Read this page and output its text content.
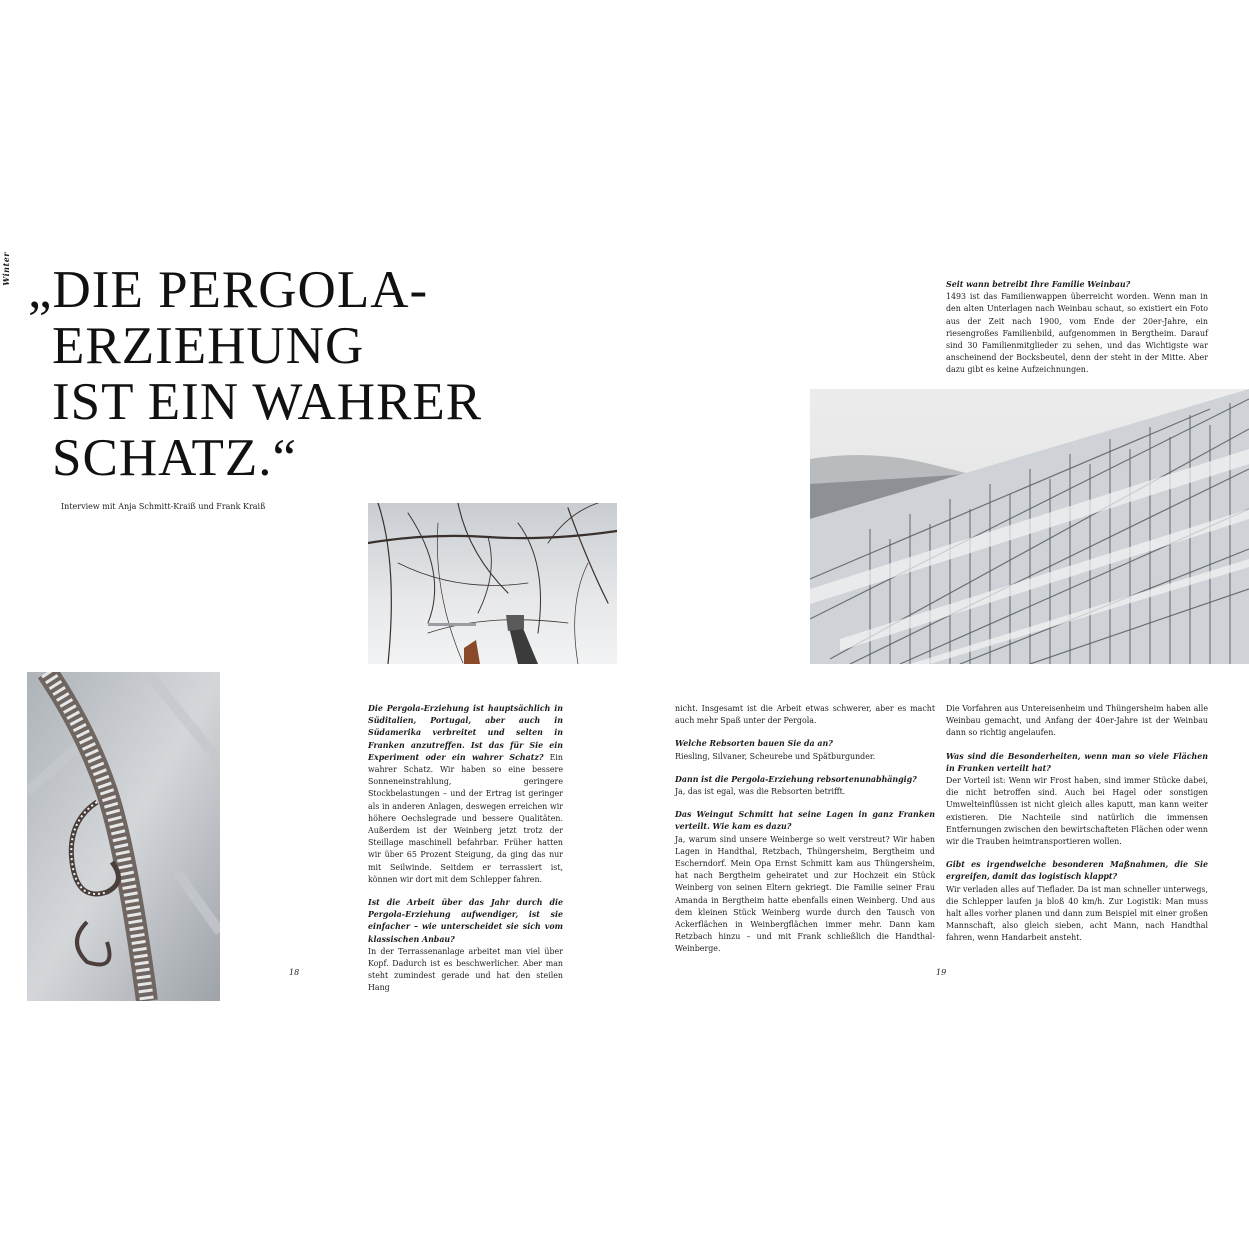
Winter „DIE PERGOLA-
ERZIEHUNG
IST EIN WAHRER
SCHATZ.“
Interview mit Anja Schmitt-Kraiß und Frank Kraiß
Seit wann betreibt Ihre Familie Weinbau?
1493 ist das Familienwappen überreicht worden. Wenn man in den alten Unterlagen nach Weinbau schaut, so existiert ein Foto aus der Zeit nach 1900, vom Ende der 20er-Jahre, ein riesengroßes Familienbild, aufgenommen in Bergtheim. Darauf sind 30 Familienmitglieder zu sehen, und das Wichtigste war anscheinend der Bocksbeutel, denn der steht in der Mitte. Aber dazu gibt es keine Aufzeichnungen.
Die Pergola-Erziehung ist hauptsächlich in Süditalien, Portugal, aber auch in Südamerika verbreitet und selten in Franken anzutreffen. Ist das für Sie ein Experiment oder ein wahrer Schatz? Ein wahrer Schatz. Wir haben so eine bessere Sonneneinstrahlung, geringere Stockbelastungen – und der Ertrag ist geringer als in anderen Anlagen, deswegen erreichen wir höhere Oechslegrade und bessere Qualitäten. Außerdem ist der Weinberg jetzt trotz der Steillage maschinell befahrbar. Früher hatten wir über 65 Prozent Steigung, da ging das nur mit Seilwinde. Seitdem er terrassiert ist, können wir dort mit dem Schlepper fahren.

Ist die Arbeit über das Jahr durch die Pergola-Erziehung aufwendiger, ist sie einfacher – wie unterscheidet sie sich vom klassischen Anbau?
In der Terrassenanlage arbeitet man viel über Kopf. Dadurch ist es beschwerlicher. Aber man steht zumindest gerade und hat den steilen Hang

nicht. Insgesamt ist die Arbeit etwas schwerer, aber es macht auch mehr Spaß unter der Pergola.

Welche Rebsorten bauen Sie da an?
Riesling, Silvaner, Scheurebe und Spätburgunder.

Dann ist die Pergola-Erziehung rebsortenunabhängig?
Ja, das ist egal, was die Rebsorten betrifft.

Das Weingut Schmitt hat seine Lagen in ganz Franken verteilt. Wie kam es dazu?
Ja, warum sind unsere Weinberge so weit verstreut? Wir haben Lagen in Handthal, Retzbach, Thüngersheim, Bergtheim und Escherndorf. Mein Opa Ernst Schmitt kam aus Thüngersheim, hat nach Bergtheim geheiratet und zur Hochzeit ein Stück Weinberg von seinen Eltern gekriegt. Die Familie seiner Frau Amanda in Bergtheim hatte ebenfalls einen Weinberg. Und aus dem kleinen Stück Weinberg wurde durch den Tausch von Ackerflächen in Weinbergflächen immer mehr. Dann kam Retzbach hinzu – und mit Frank schließlich die Handthal-Weinberge.

Die Vorfahren aus Untereisenheim und Thüngersheim haben alle Weinbau gemacht, und Anfang der 40er-Jahre ist der Weinbau dann so richtig angelaufen.

Was sind die Besonderheiten, wenn man so viele Flächen in Franken verteilt hat?
Der Vorteil ist: Wenn wir Frost haben, sind immer Stücke dabei, die nicht betroffen sind. Auch bei Hagel oder sonstigen Umwelteinflüssen ist nicht gleich alles kaputt, man kann weiter existieren. Die Nachteile sind natürlich die immensen Entfernungen zwischen den bewirtschafteten Flächen oder wenn wir die Trauben heimtransportieren wollen.

Gibt es irgendwelche besonderen Maßnahmen, die Sie ergreifen, damit das logistisch klappt?
Wir verladen alles auf Tieflader. Da ist man schneller unterwegs, die Schlepper laufen ja bloß 40 km/h. Zur Logistik: Man muss halt alles vorher planen und dann zum Beispiel mit einer großen Mannschaft, also gleich sieben, acht Mann, nach Handthal fahren, wenn Handarbeit ansteht.

18	19
